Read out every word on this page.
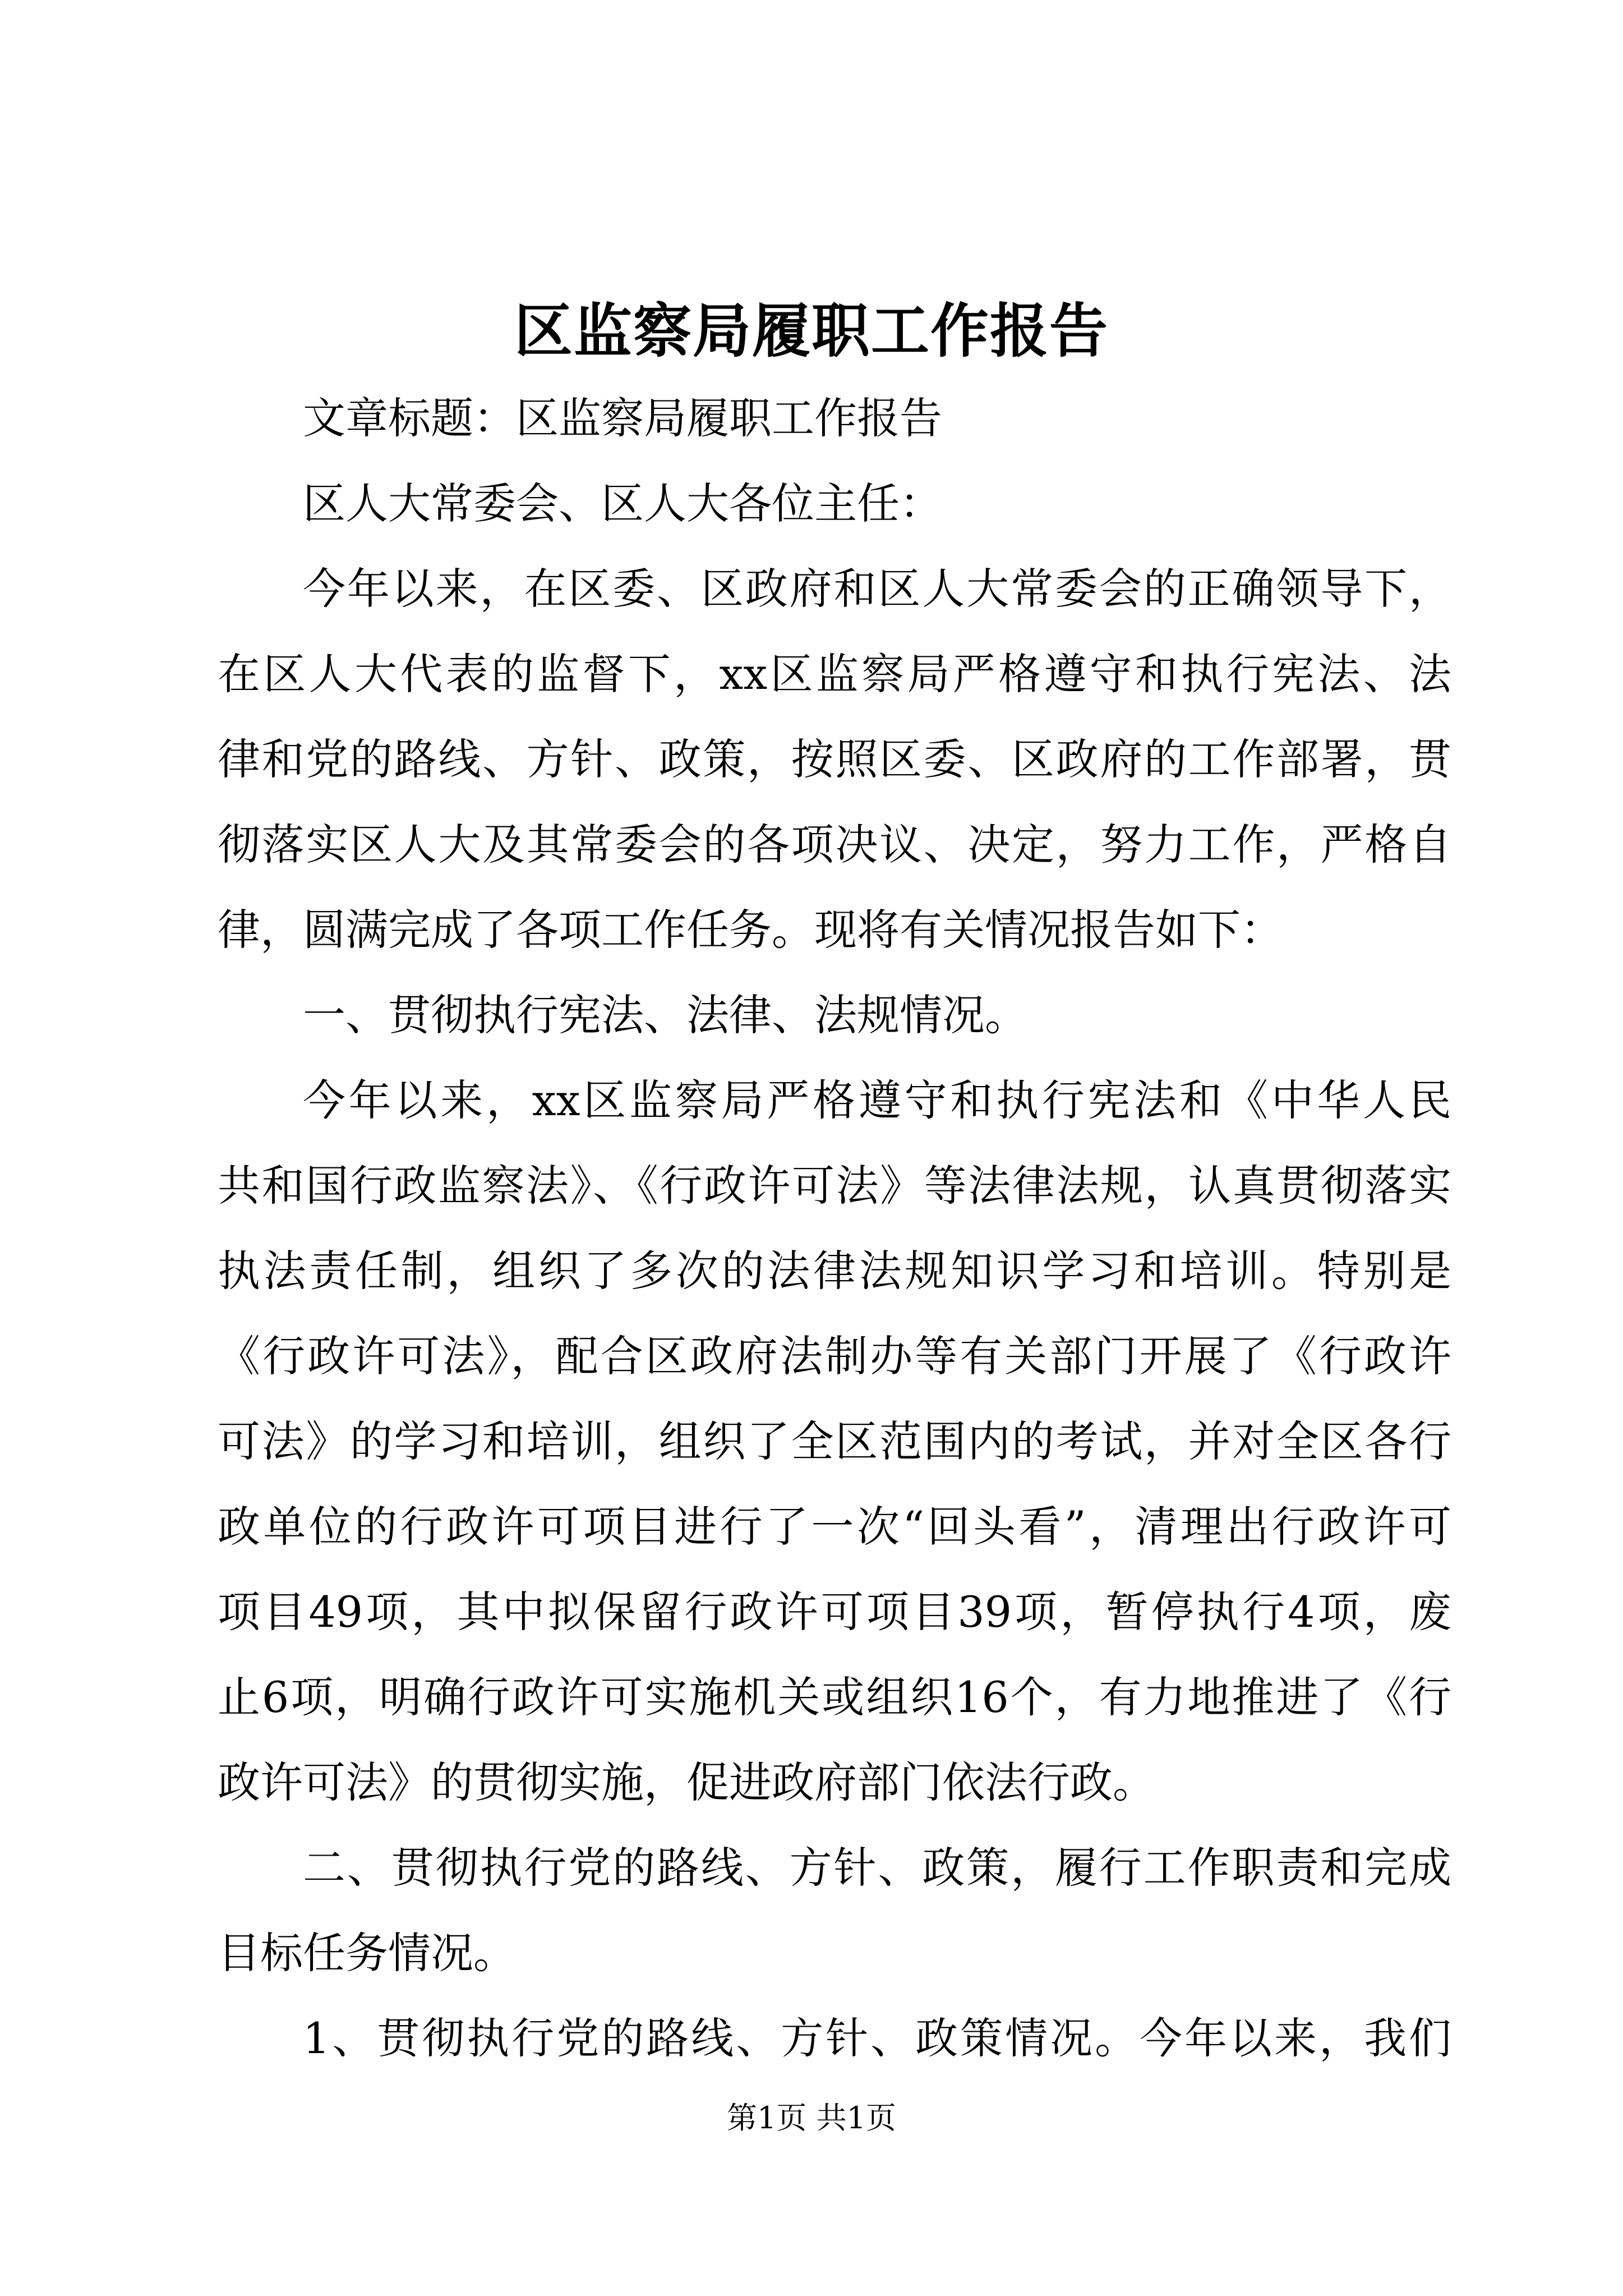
区监察局履职工作报告
文章标题：区监察局履职工作报告
区人大常委会、区人大各位主任：
今年以来，在区委、区政府和区人大常委会的正确领导下，
在区人大代表的监督下，xx区监察局严格遵守和执行宪法、法
律和党的路线、方针、政策，按照区委、区政府的工作部署，贯
彻落实区人大及其常委会的各项决议、决定，努力工作，严格自
律，圆满完成了各项工作任务。现将有关情况报告如下：
一、贯彻执行宪法、法律、法规情况。
今年以来，xx区监察局严格遵守和执行宪法和《中华人民
共和国行政监察法》、《行政许可法》等法律法规，认真贯彻落实
执法责任制，组织了多次的法律法规知识学习和培训。特别是
《行政许可法》，配合区政府法制办等有关部门开展了《行政许
可法》的学习和培训，组织了全区范围内的考试，并对全区各行
政单位的行政许可项目进行了一次“回头看”，清理出行政许可
项目49项，其中拟保留行政许可项目39项，暂停执行4项，废
止6项，明确行政许可实施机关或组织16个，有力地推进了《行
政许可法》的贯彻实施，促进政府部门依法行政。
二、贯彻执行党的路线、方针、政策，履行工作职责和完成
目标任务情况。
1、贯彻执行党的路线、方针、政策情况。今年以来，我们
第1页 共1页
